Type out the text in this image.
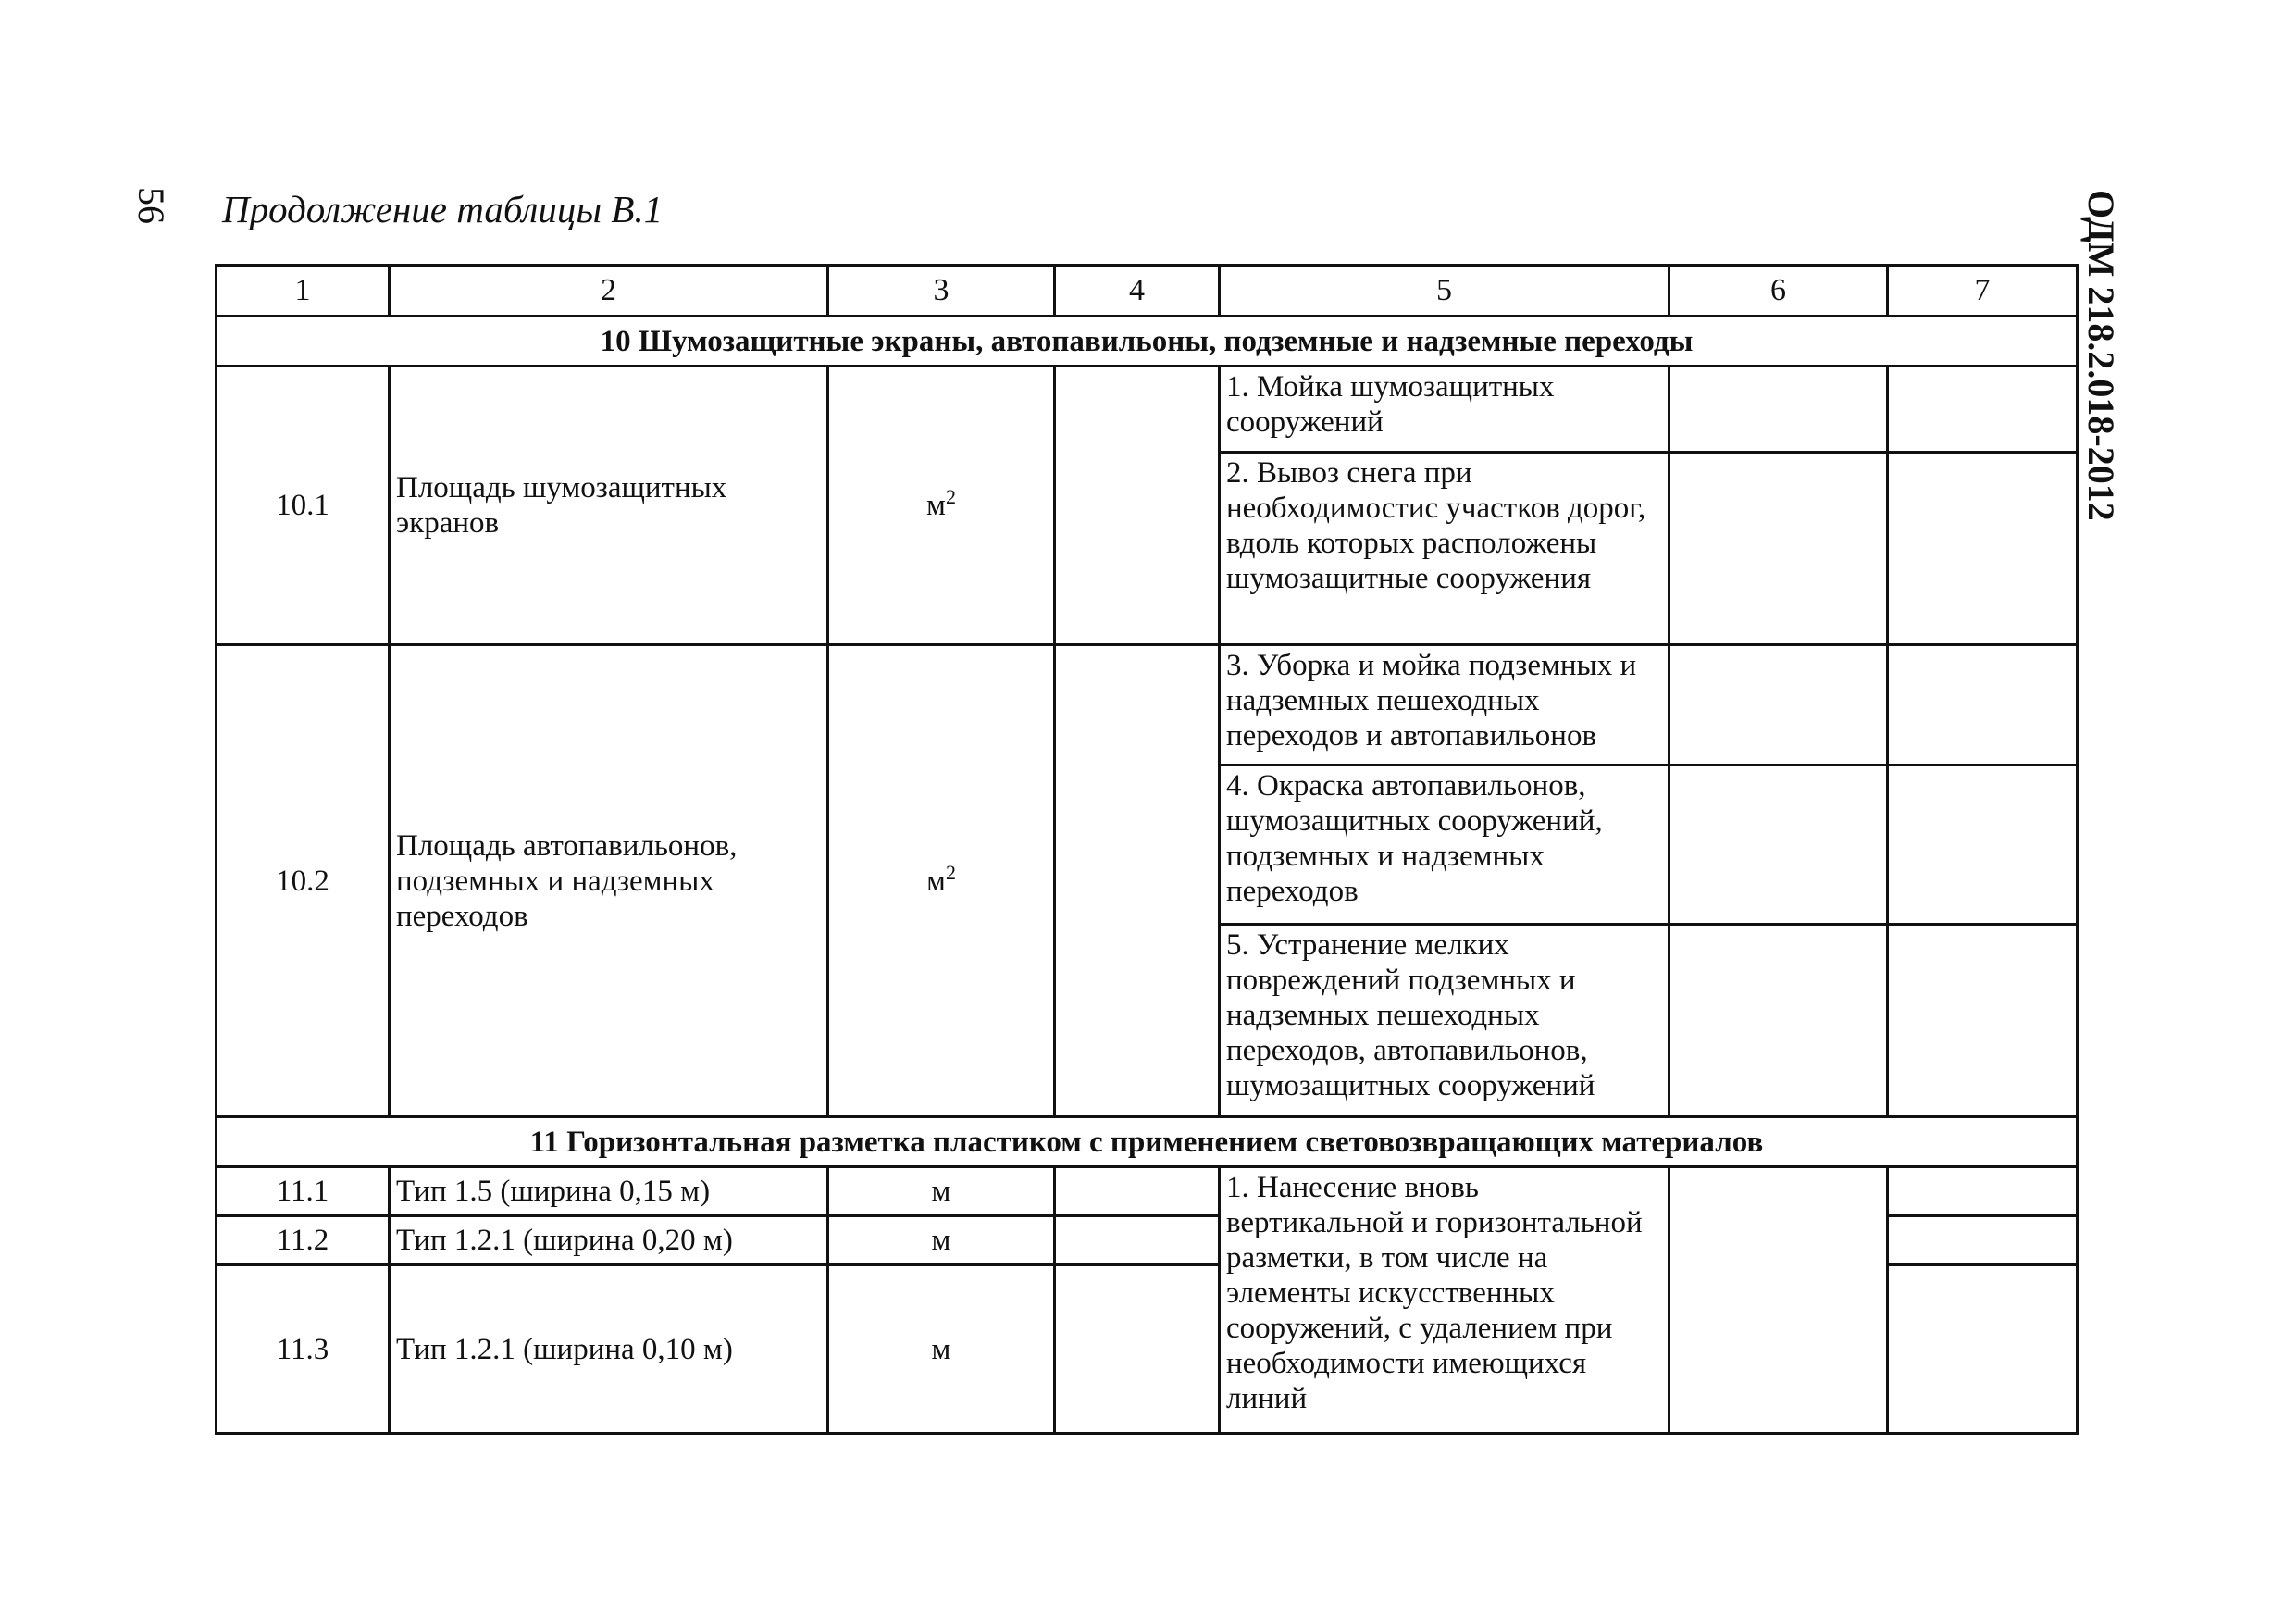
56 Продолжение таблицы В.1	ОДМ 218.2.018-2012
1	2	3	4	5	6	7
10 Шумозащитные экраны, автопавильоны, подземные и надземные переходы						
10.1	Площадь шумозащитных экранов	$м^2$		1. Мойка шумозащитных сооружений		
				2. Вывоз снега при необходимостис участков дорог, вдоль которых расположены шумозащитные сооружения		
10.2	Площадь автопавильонов, подземных и надземных переходов	$м^2$		3. Уборка и мойка подземных и надземных пешеходных переходов и автопавильонов		
				4. Окраска автопавильонов, шумозащитных сооружений, подземных и надземных переходов		
				5. Устранение мелких повреждений подземных и надземных пешеходных переходов, автопавильонов, шумозащитных сооружений		
11 Горизонтальная разметка пластиком с применением световозвращающих материалов						
11.1	Тип 1.5 (ширина 0,15 м)	м		1. Нанесение вновь вертикальной и горизонтальной разметки, в том числе на элементы искусственных сооружений, с удалением при необходимости имеющихся линий		
11.2	Тип 1.2.1 (ширина 0,20 м)	м				
11.3	Тип 1.2.1 (ширина 0,10 м)	м				
